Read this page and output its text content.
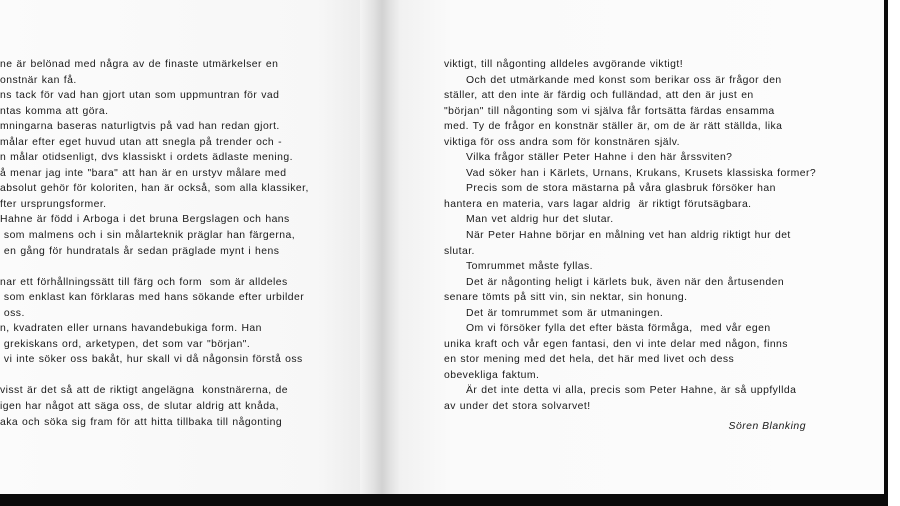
ne är belönad med några av de finaste utmärkelser en
onstnär kan få.
ns tack för vad han gjort utan som uppmuntran för vad
ntas komma att göra.
mningarna baseras naturligtvis på vad han redan gjort.
målar efter eget huvud utan att snegla på trender och -
n målar otidsenligt, dvs klassiskt i ordets ädlaste mening.
å menar jag inte "bara" att han är en urstyv målare med
absolut gehör för koloriten, han är också, som alla klassiker,
fter ursprungsformer.
Hahne är född i Arboga i det bruna Bergslagen och hans
som malmens och i sin målarteknik präglar han färgerna,
en gång för hundratals år sedan präglade mynt i hens
nar ett förhållningssätt till färg och form  som är alldeles
som enklast kan förklaras med hans sökande efter urbilder
oss.
n, kvadraten eller urnans havandebukiga form. Han
grekiskans ord, arketypen, det som var "början".
vi inte söker oss bakåt, hur skall vi då någonsin förstå oss
visst är det så att de riktigt angelägna  konstnärerna, de
igen har något att säga oss, de slutar aldrig att knåda,
aka och söka sig fram för att hitta tillbaka till någonting
viktigt, till någonting alldeles avgörande viktigt!
Och det utmärkande med konst som berikar oss är frågor den
ställer, att den inte är färdig och fulländad, att den är just en
"början" till någonting som vi själva får fortsätta färdas ensamma
med. Ty de frågor en konstnär ställer är, om de är rätt ställda, lika
viktiga för oss andra som för konstnären själv.
Vilka frågor ställer Peter Hahne i den här årssviten?
Vad söker han i Kärlets, Urnans, Krukans, Krusets klassiska former?
Precis som de stora mästarna på våra glasbruk försöker han
hantera en materia, vars lagar aldrig  är riktigt förutsägbara.
Man vet aldrig hur det slutar.
När Peter Hahne börjar en målning vet han aldrig riktigt hur det
slutar.
Tomrummet måste fyllas.
Det är någonting heligt i kärlets buk, även när den årtusenden
senare tömts på sitt vin, sin nektar, sin honung.
Det är tomrummet som är utmaningen.
Om vi försöker fylla det efter bästa förmåga,  med vår egen
unika kraft och vår egen fantasi, den vi inte delar med någon, finns
en stor mening med det hela, det här med livet och dess
obevekliga faktum.
Är det inte detta vi alla, precis som Peter Hahne, är så uppfyllda
av under det stora solvarvet!
Sören Blanking
